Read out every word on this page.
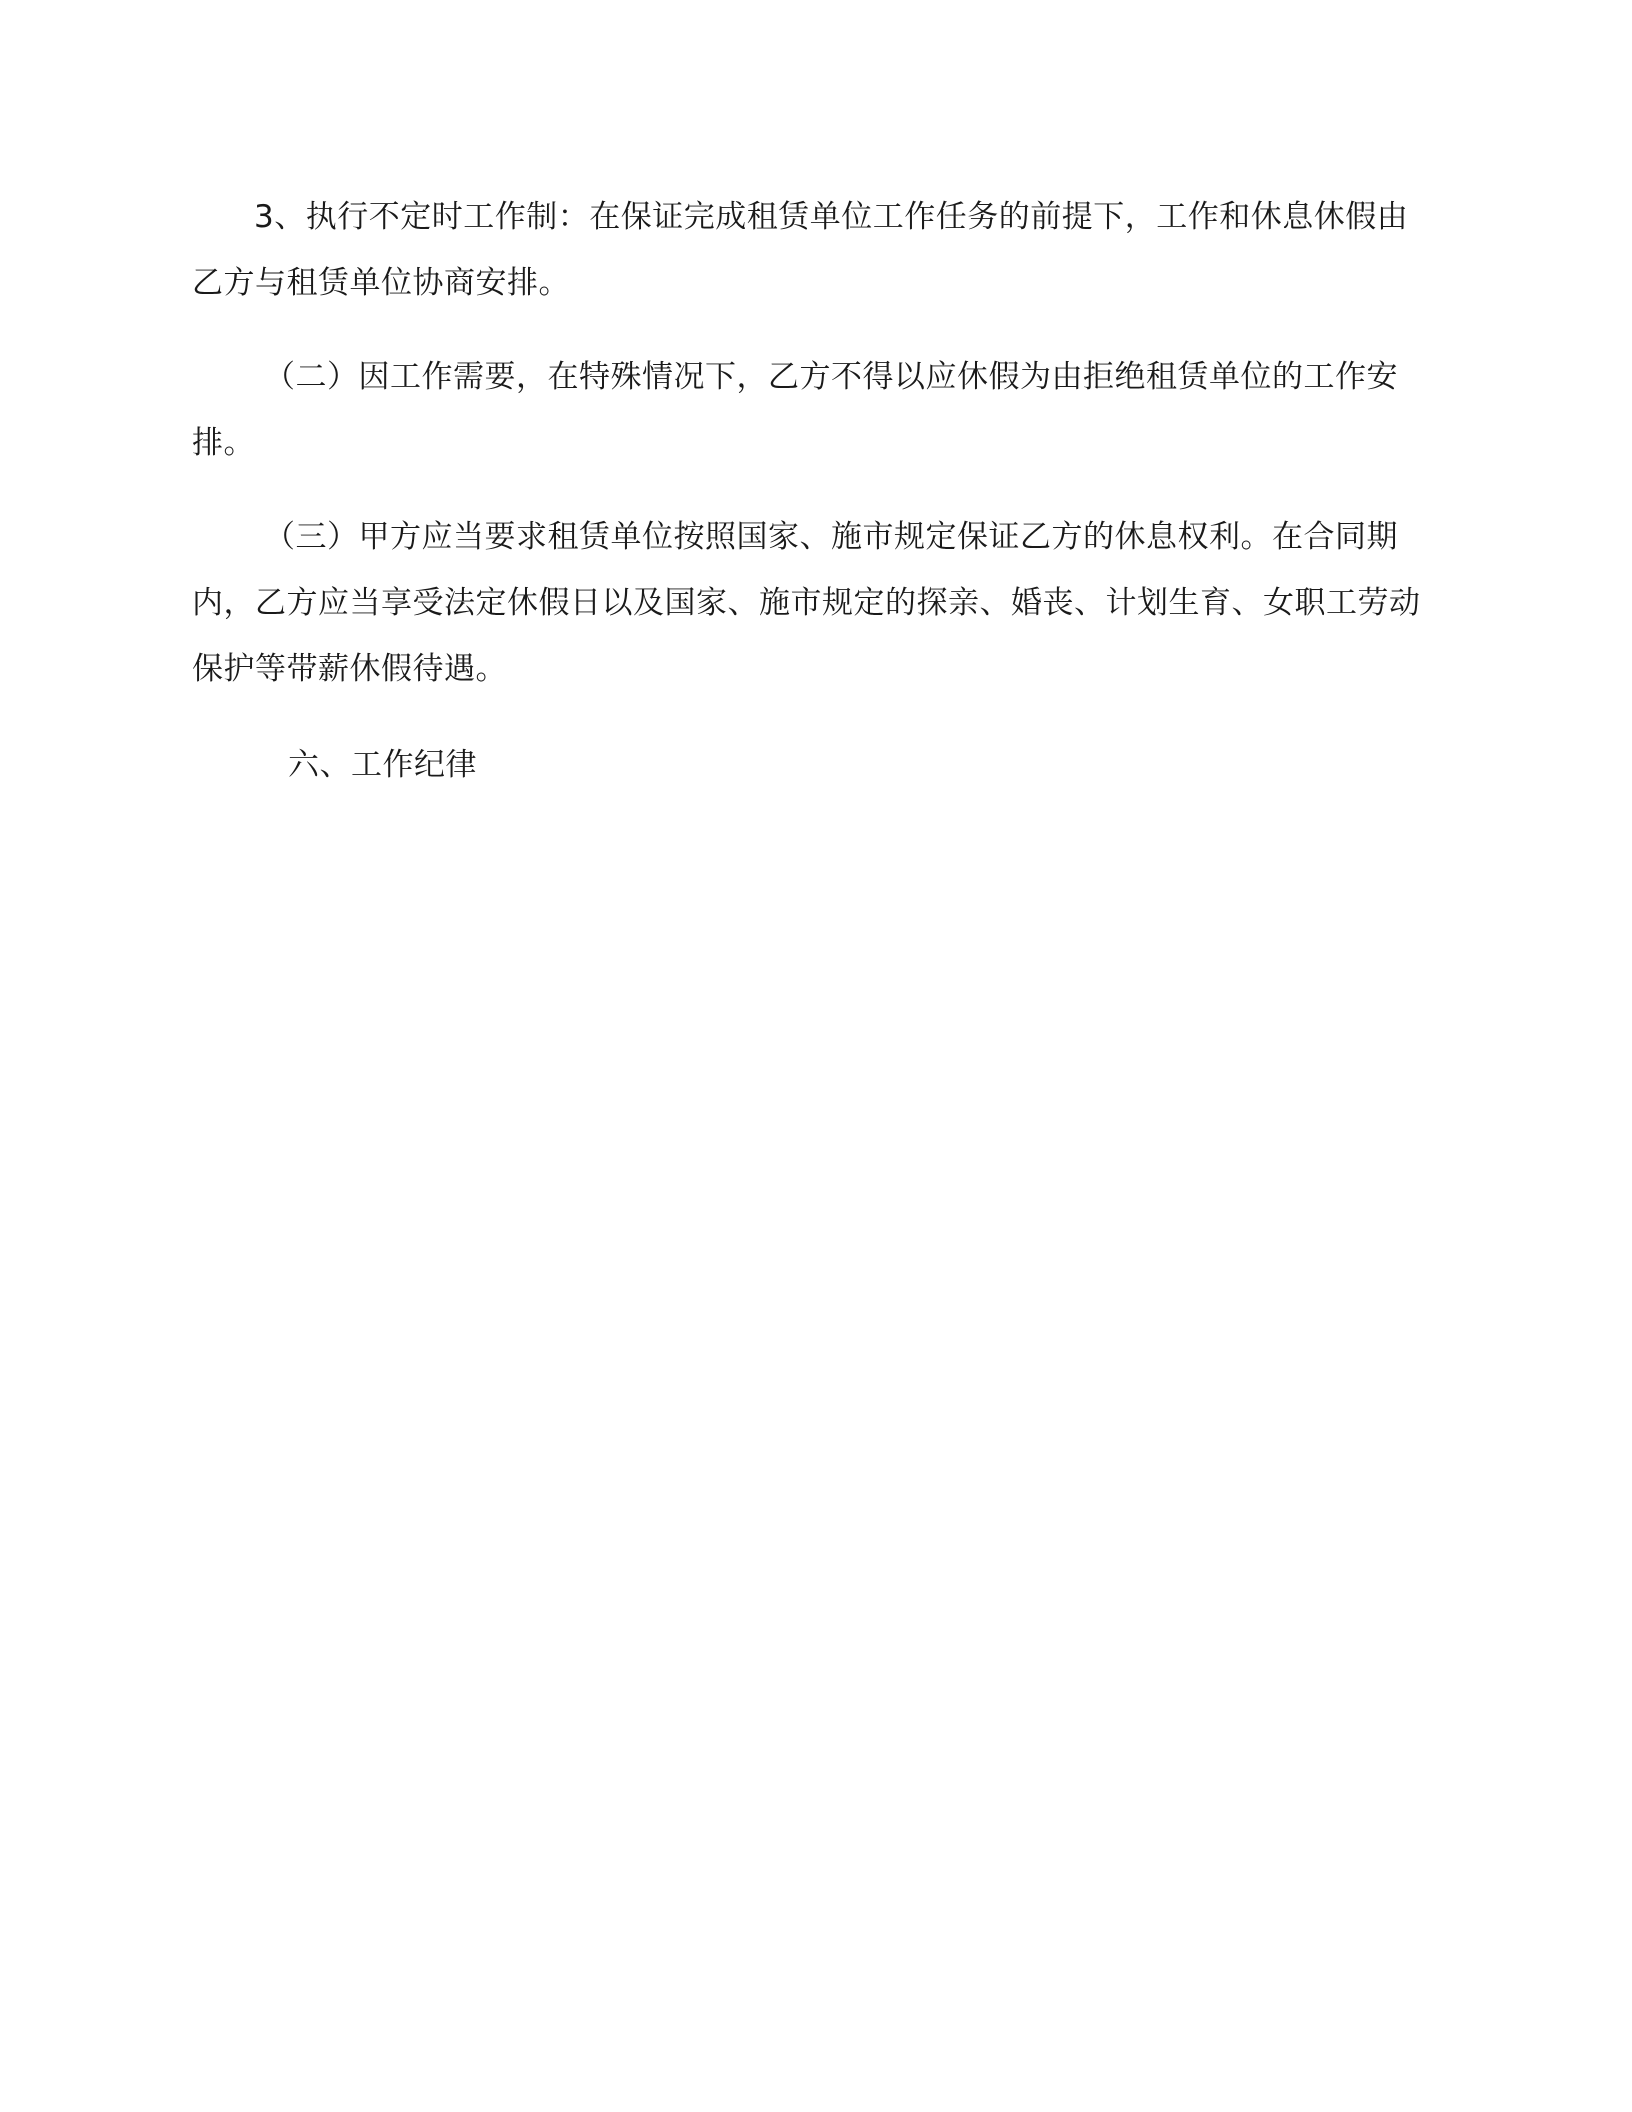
3、执行不定时工作制：在保证完成租赁单位工作任务的前提下，工作和休息休假由乙方与租赁单位协商安排。

（二）因工作需要，在特殊情况下，乙方不得以应休假为由拒绝租赁单位的工作安排。

（三）甲方应当要求租赁单位按照国家、施市规定保证乙方的休息权利。在合同期内，乙方应当享受法定休假日以及国家、施市规定的探亲、婚丧、计划生育、女职工劳动保护等带薪休假待遇。

六、工作纪律
